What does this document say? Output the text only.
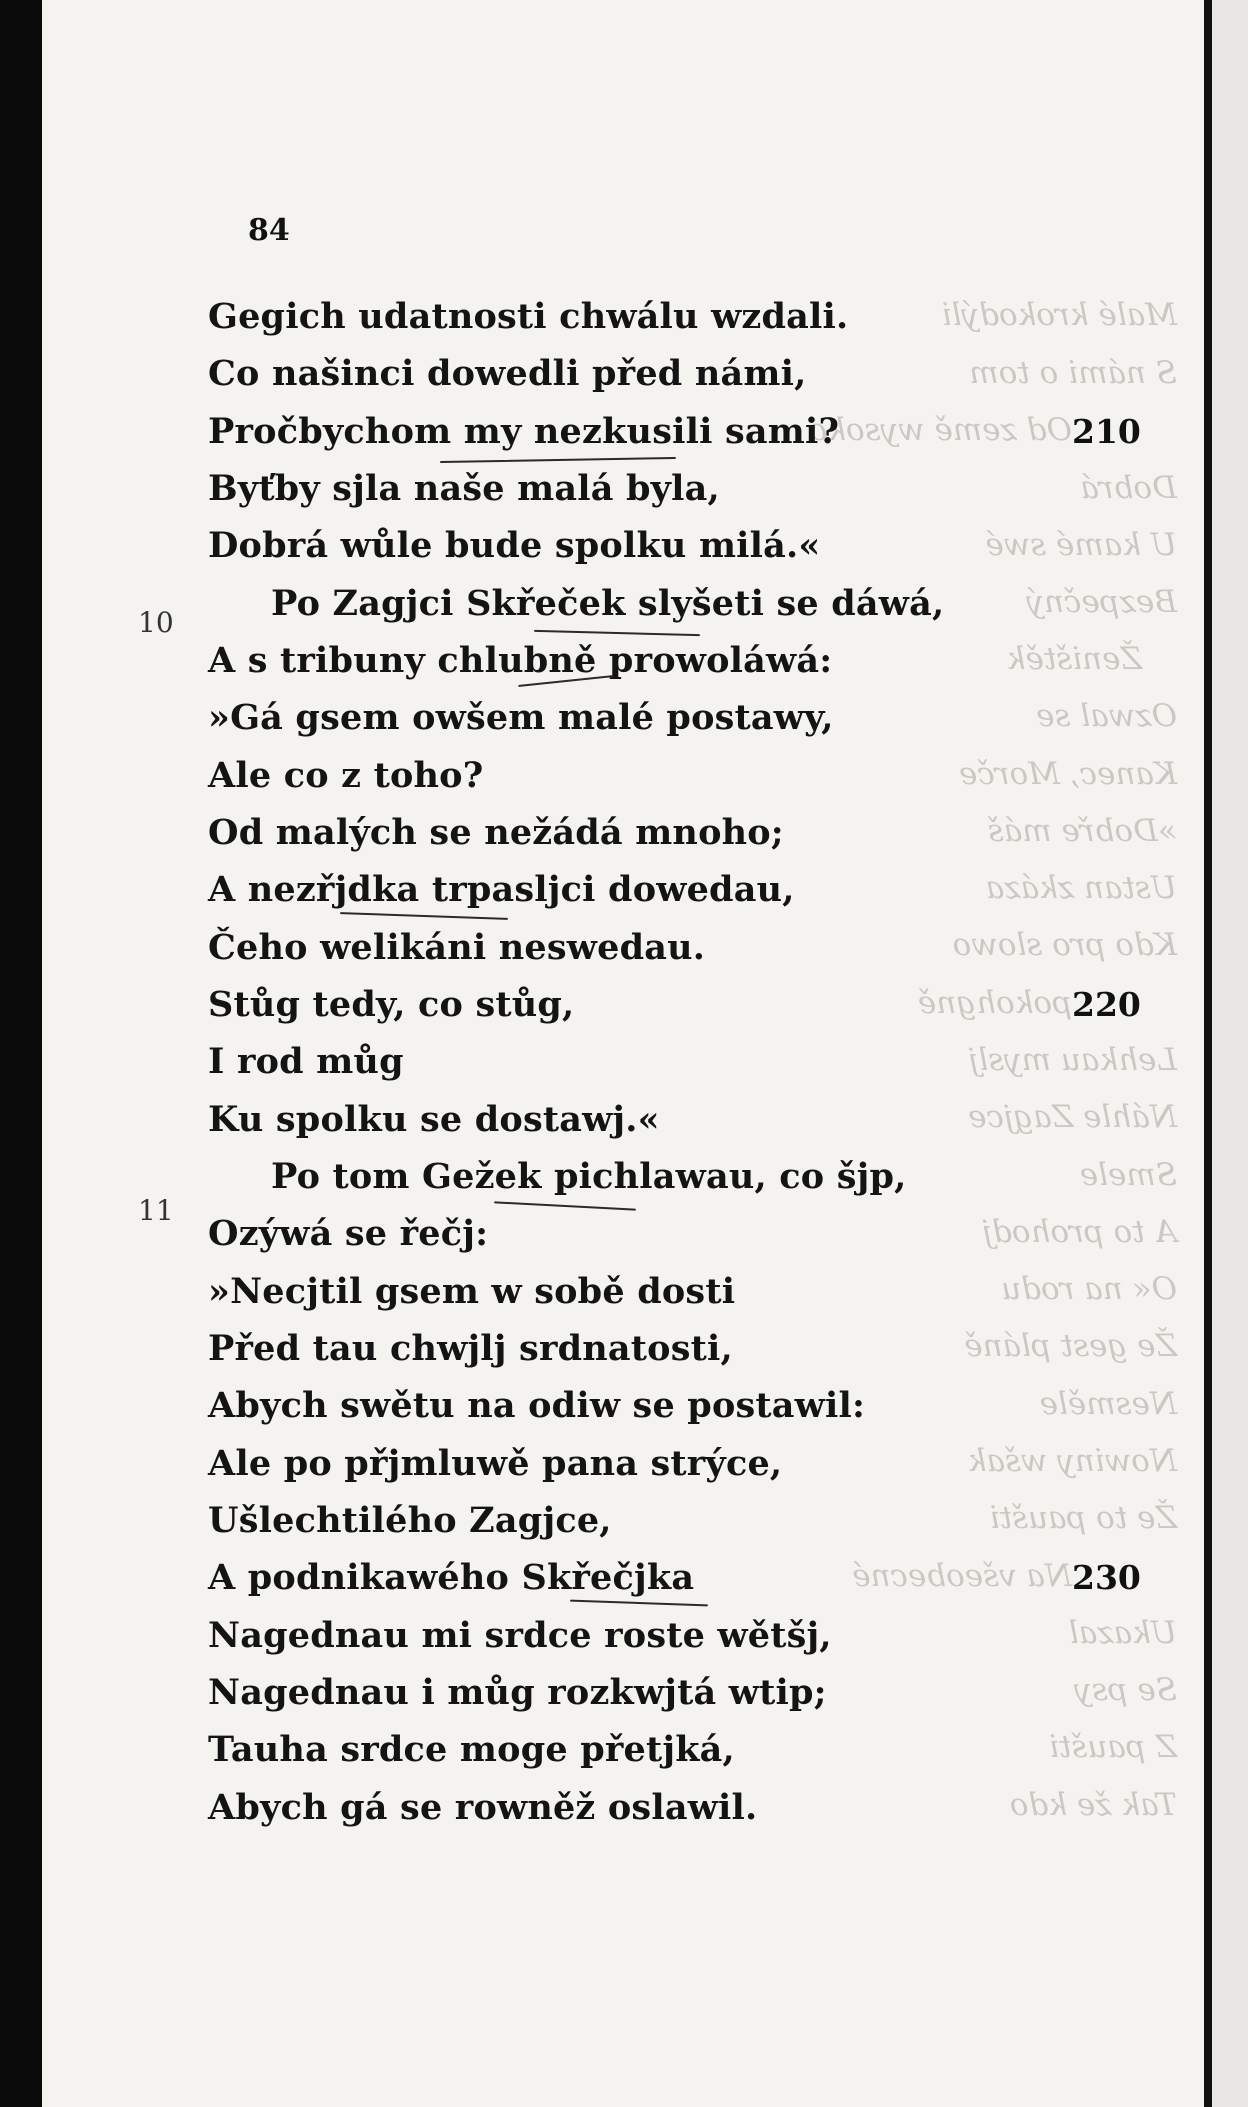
Malé krokodýli
S námi o tom
Od země wysoko
Dobrá
U kamé swé
Bezpečný
Ženištěk
Ozwal se
Kanec, Morče
»Dobře máš
Ustan zkáza
Kdo pro slowo
pokohgně
Lehkau myslj
Náhle Zagjce
Smele
A to prohodj
O« na rodu
Že gest pláně
Nesměle
Nowiny wšak
Že to paušti
Na všeobecné
Ukazal
Se psy
Z paušti
Tak že kdo
84
10
11
Gegich udatnosti chwálu wzdali.
Co našinci dowedli před námi,
Pročbychom my nezkusili sami?
Byťby sjla naše malá byla,
Dobrá wůle bude spolku milá.«
Po Zagjci Skřeček slyšeti se dáwá,
A s tribuny chlubně prowoláwá:
»Gá gsem owšem malé postawy,
Ale co z toho?
Od malých se nežádá mnoho;
A nezřjdka trpasljci dowedau,
Čeho welikáni neswedau.
Stůg tedy, co stůg,
I rod můg
Ku spolku se dostawj.«
Po tom Gežek pichlawau, co šjp,
Ozýwá se řečj:
»Necjtil gsem w sobě dosti
Před tau chwjlj srdnatosti,
Abych swětu na odiw se postawil:
Ale po přjmluwě pana strýce,
Ušlechtilého Zagjce,
A podnikawého Skřečjka
Nagednau mi srdce roste wětšj,
Nagednau i můg rozkwjtá wtip;
Tauha srdce moge přetjká,
Abych gá se rowněž oslawil.
210
220
230
